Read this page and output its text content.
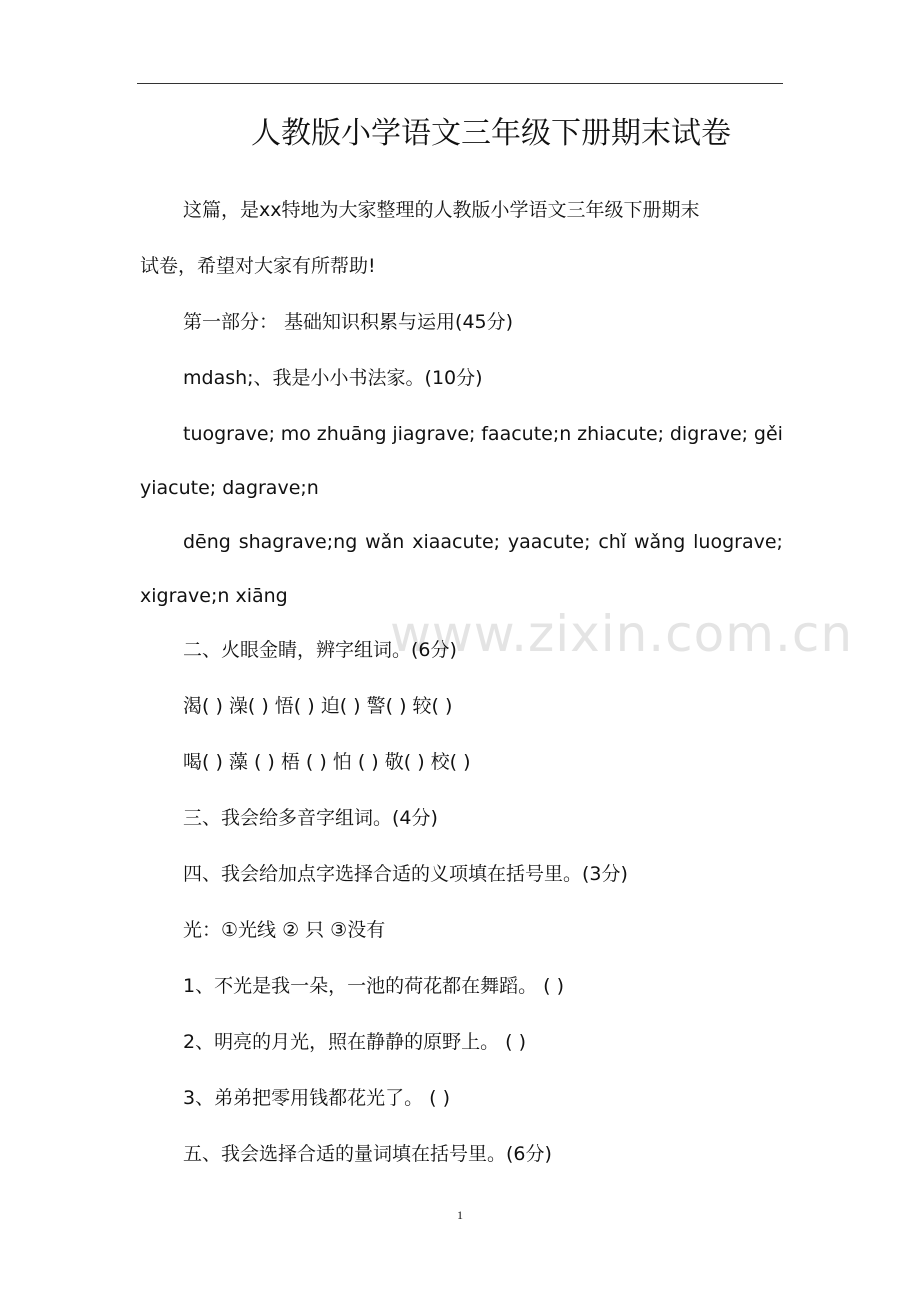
人教版小学语文三年级下册期末试卷
这篇，是xx特地为大家整理的人教版小学语文三年级下册期末
试卷，希望对大家有所帮助!
第一部分： 基础知识积累与运用(45分)
mdash;、我是小小书法家。(10分)
tuograve; mo zhuāng jiagrave; faacute;n zhiacute; digrave; gěi
yiacute; dagrave;n
dēng shagrave;ng wǎn xiaacute; yaacute; chǐ wǎng luograve;
xigrave;n xiāng
www.zixin.com.cn
二、火眼金睛，辨字组词。(6分)
渴( ) 澡( ) 悟( ) 迫( ) 警( ) 较( )
喝( ) 藻 ( ) 梧 ( ) 怕 ( ) 敬( ) 校( )
三、我会给多音字组词。(4分)
四、我会给加点字选择合适的义项填在括号里。(3分)
光：①光线 ② 只 ③没有
1、不光是我一朵，一池的荷花都在舞蹈。 ( )
2、明亮的月光，照在静静的原野上。 ( )
3、弟弟把零用钱都花光了。 ( )
五、我会选择合适的量词填在括号里。(6分)
1
